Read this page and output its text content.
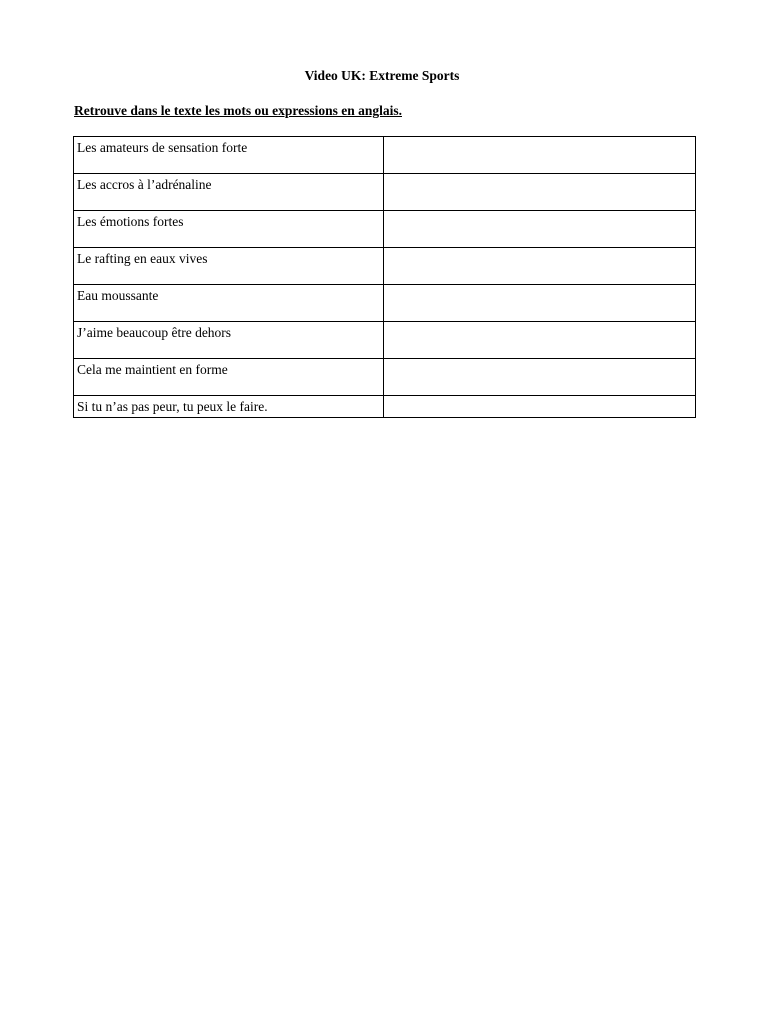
Video UK: Extreme Sports
Retrouve dans le texte les mots ou expressions en anglais.
Les amateurs de sensation forte	
Les accros à l’adrénaline	
Les émotions fortes	
Le rafting en eaux vives	
Eau moussante	
J’aime beaucoup être dehors	
Cela me maintient en forme	
Si tu n’as pas peur, tu peux le faire.	
